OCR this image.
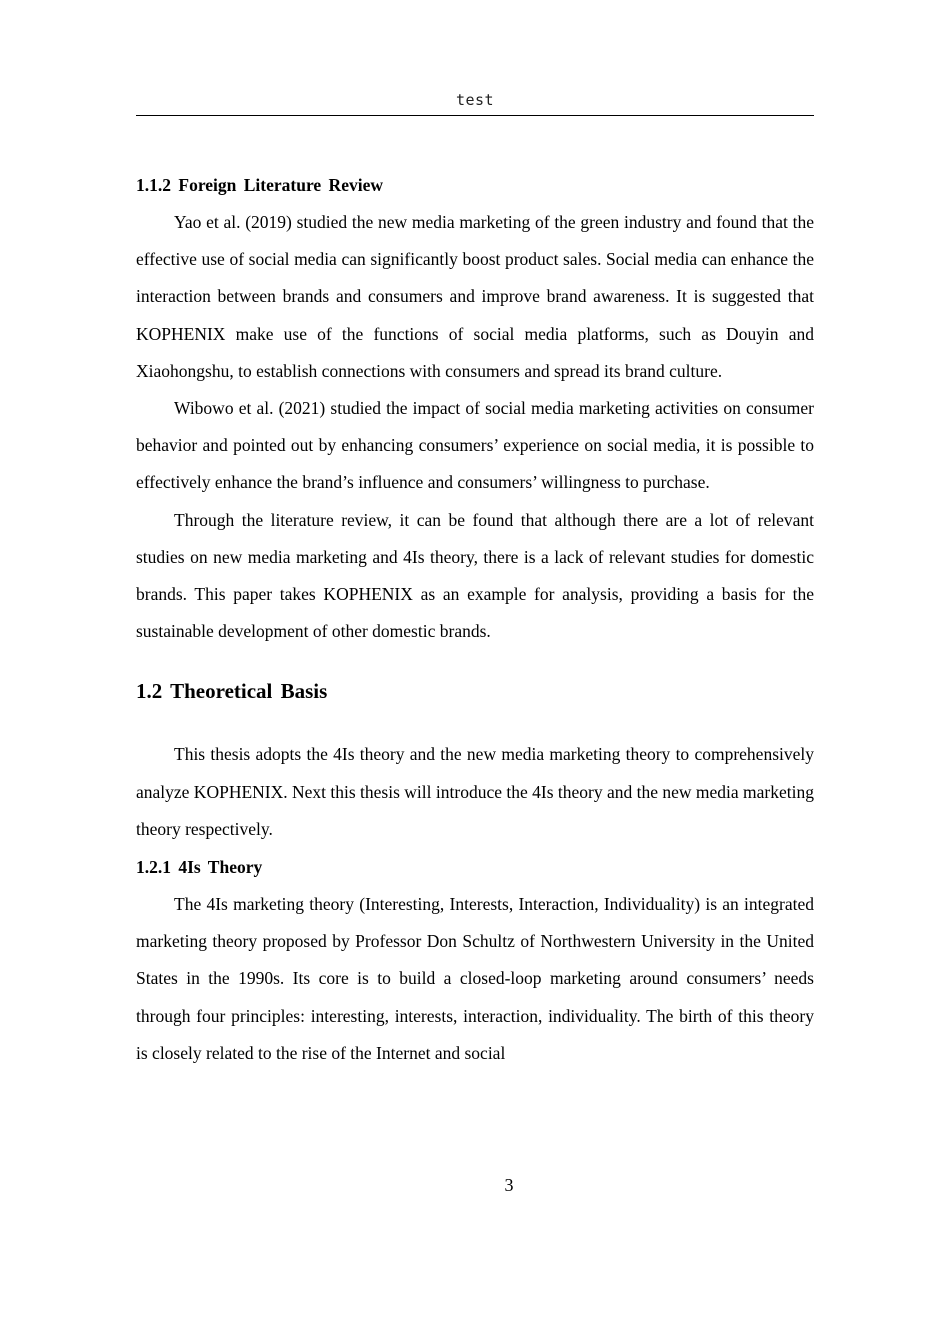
test
1.1.2 Foreign Literature Review

Yao et al. (2019) studied the new media marketing of the green industry and found that the effective use of social media can significantly boost product sales. Social media can enhance the interaction between brands and consumers and improve brand awareness. It is suggested that KOPHENIX make use of the functions of social media platforms, such as Douyin and Xiaohongshu, to establish connections with consumers and spread its brand culture.

Wibowo et al. (2021) studied the impact of social media marketing activities on consumer behavior and pointed out by enhancing consumers’ experience on social media, it is possible to effectively enhance the brand’s influence and consumers’ willingness to purchase.

Through the literature review, it can be found that although there are a lot of relevant studies on new media marketing and 4Is theory, there is a lack of relevant studies for domestic brands. This paper takes KOPHENIX as an example for analysis, providing a basis for the sustainable development of other domestic brands.

1.2 Theoretical Basis

This thesis adopts the 4Is theory and the new media marketing theory to comprehensively analyze KOPHENIX. Next this thesis will introduce the 4Is theory and the new media marketing theory respectively.

1.2.1 4Is Theory

The 4Is marketing theory (Interesting, Interests, Interaction, Individuality) is an integrated marketing theory proposed by Professor Don Schultz of Northwestern University in the United States in the 1990s. Its core is to build a closed-loop marketing around consumers’ needs through four principles: interesting, interests, interaction, individuality. The birth of this theory is closely related to the rise of the Internet and social

3
